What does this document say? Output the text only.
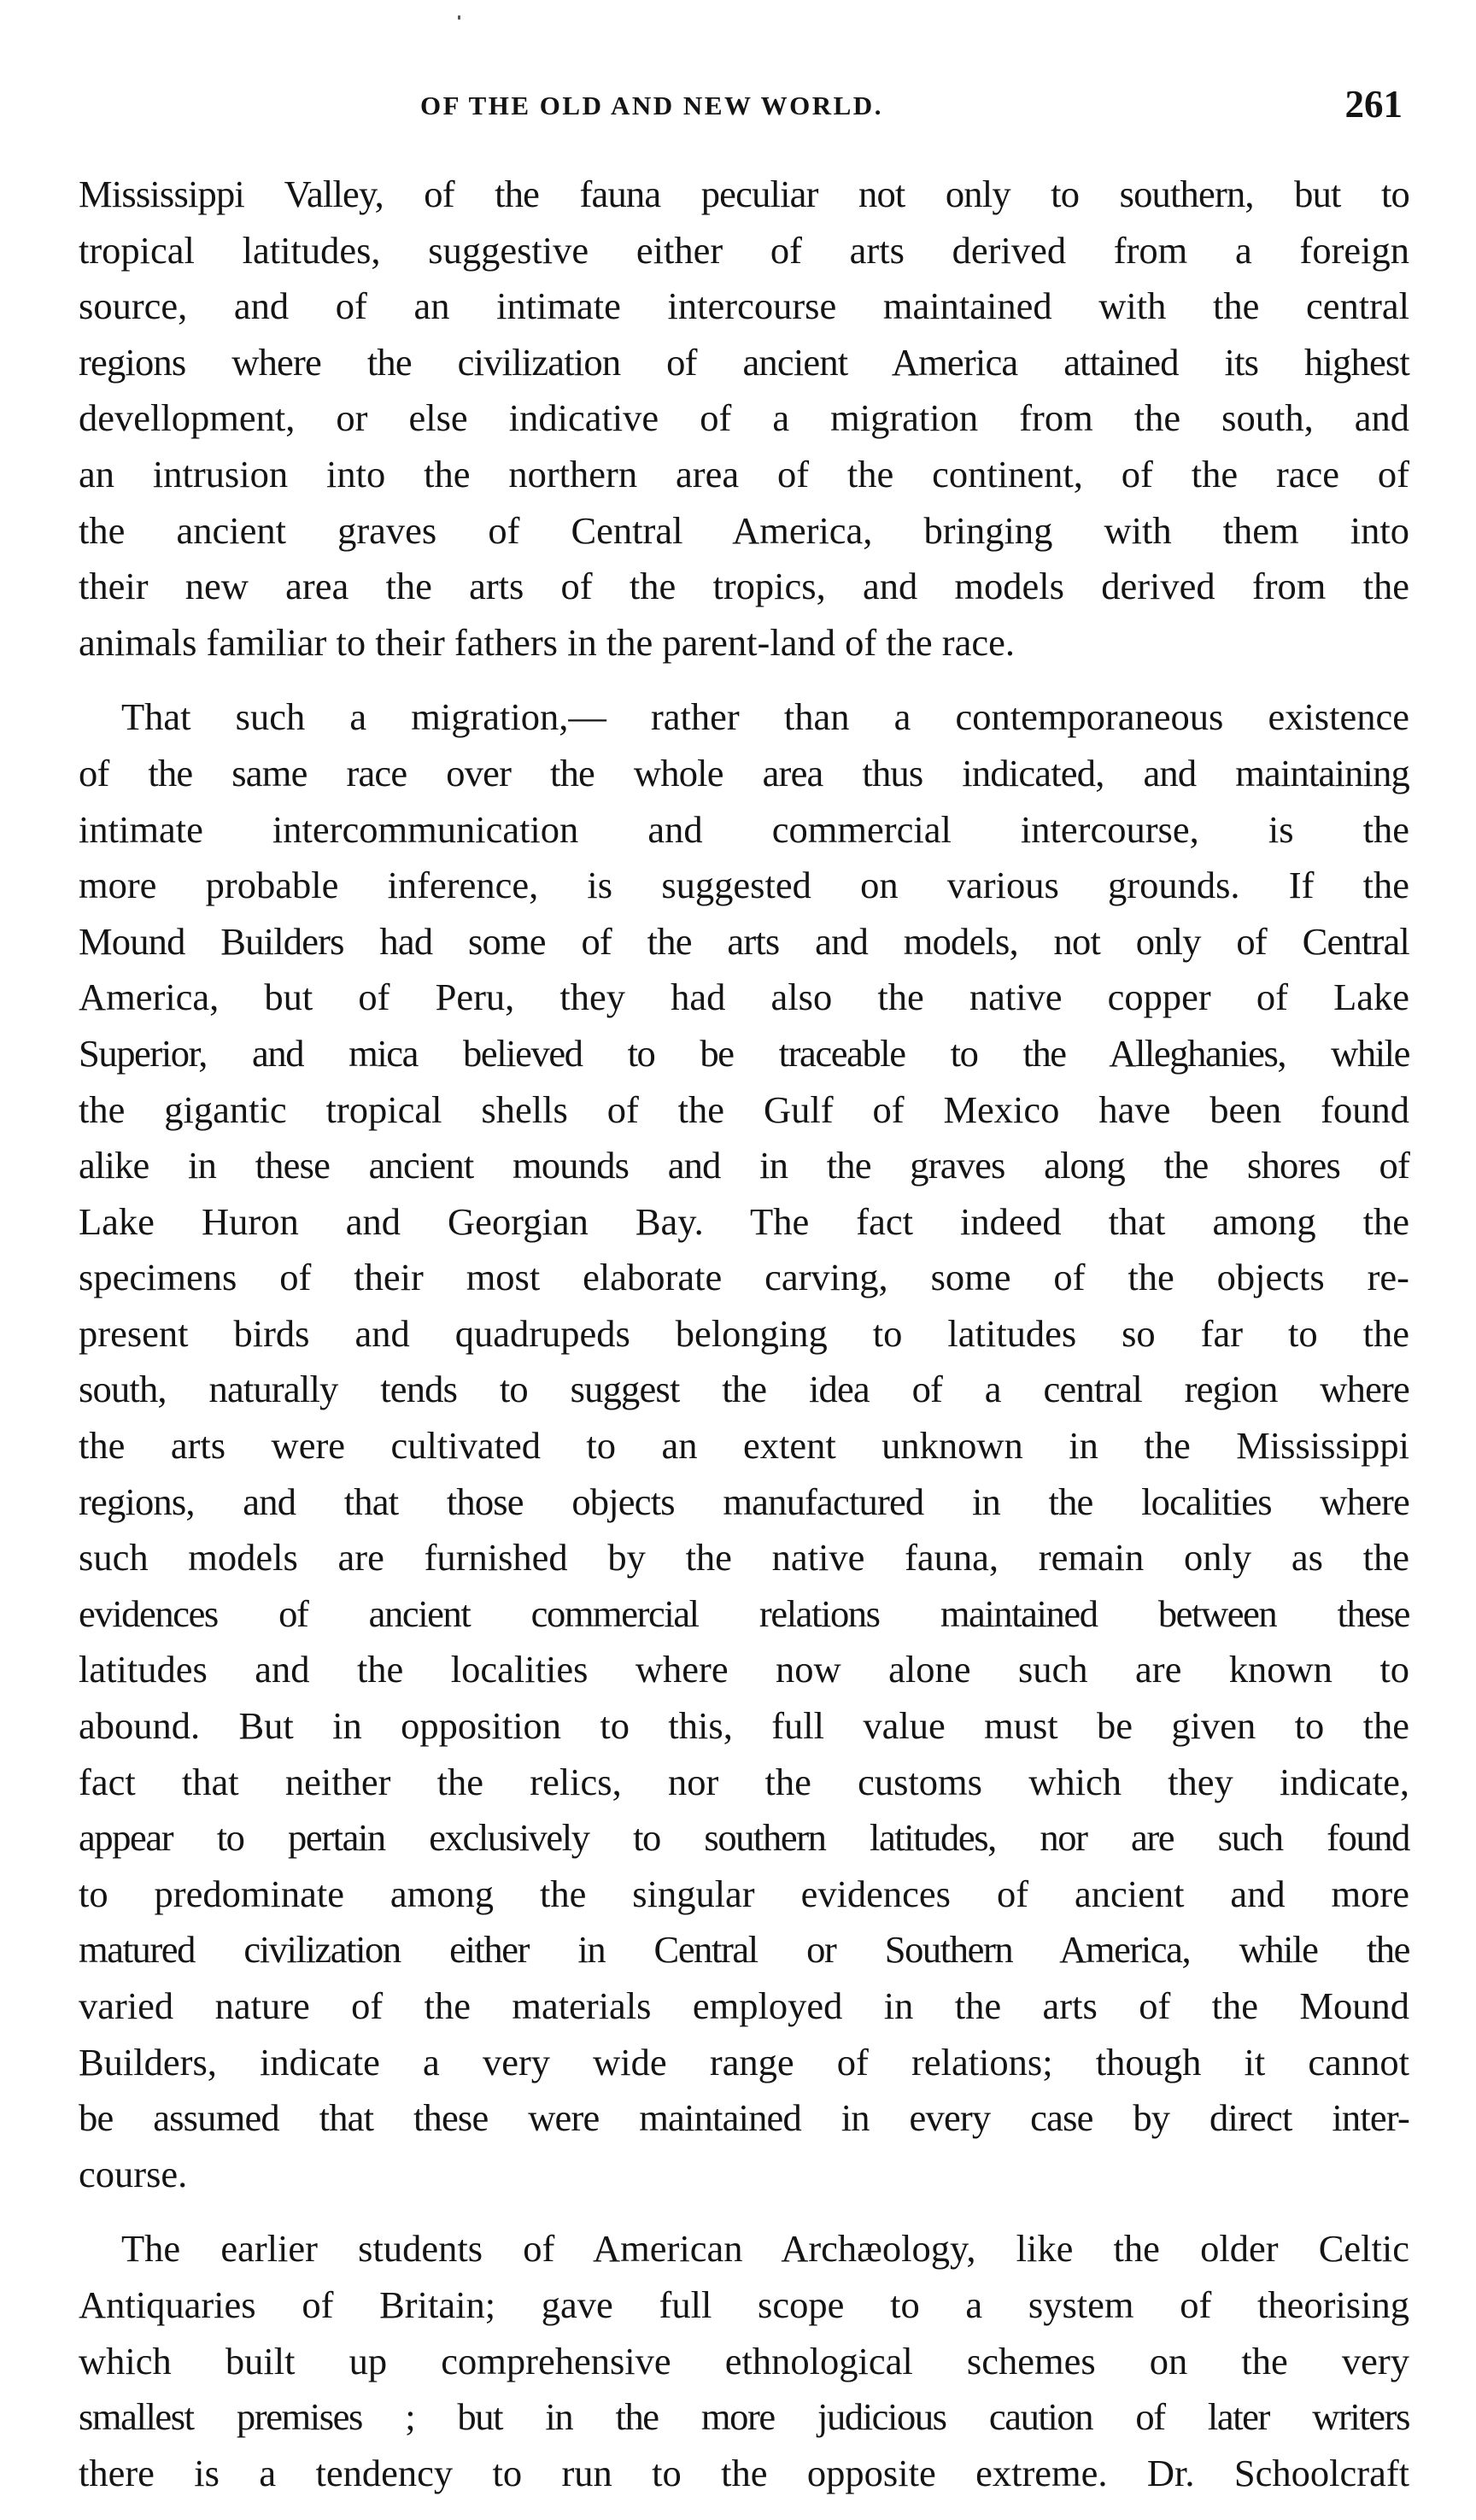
OF THE OLD AND NEW WORLD.	261
Mississippi Valley, of the fauna peculiar not only to southern, but to
tropical latitudes, suggestive either of arts derived from a foreign
source, and of an intimate intercourse maintained with the central
regions where the civilization of ancient America attained its highest
devellopment, or else indicative of a migration from the south, and
an intrusion into the northern area of the continent, of the race of
the ancient graves of Central America, bringing with them into
their new area the arts of the tropics, and models derived from the
animals familiar to their fathers in the parent-land of the race.
That such a migration,— rather than a contemporaneous existence
of the same race over the whole area thus indicated, and maintaining
intimate intercommunication and commercial intercourse, is the
more probable inference, is suggested on various grounds. If the
Mound Builders had some of the arts and models, not only of Central
America, but of Peru, they had also the native copper of Lake
Superior, and mica believed to be traceable to the Alleghanies, while
the gigantic tropical shells of the Gulf of Mexico have been found
alike in these ancient mounds and in the graves along the shores of
Lake Huron and Georgian Bay. The fact indeed that among the
specimens of their most elaborate carving, some of the objects re-
present birds and quadrupeds belonging to latitudes so far to the
south, naturally tends to suggest the idea of a central region where
the arts were cultivated to an extent unknown in the Mississippi
regions, and that those objects manufactured in the localities where
such models are furnished by the native fauna, remain only as the
evidences of ancient commercial relations maintained between these
latitudes and the localities where now alone such are known to
abound. But in opposition to this, full value must be given to the
fact that neither the relics, nor the customs which they indicate,
appear to pertain exclusively to southern latitudes, nor are such found
to predominate among the singular evidences of ancient and more
matured civilization either in Central or Southern America, while the
varied nature of the materials employed in the arts of the Mound
Builders, indicate a very wide range of relations; though it cannot
be assumed that these were maintained in every case by direct inter-
course.
The earlier students of American Archæology, like the older Celtic
Antiquaries of Britain; gave full scope to a system of theorising
which built up comprehensive ethnological schemes on the very
smallest premises ; but in the more judicious caution of later writers
there is a tendency to run to the opposite extreme. Dr. Schoolcraft
